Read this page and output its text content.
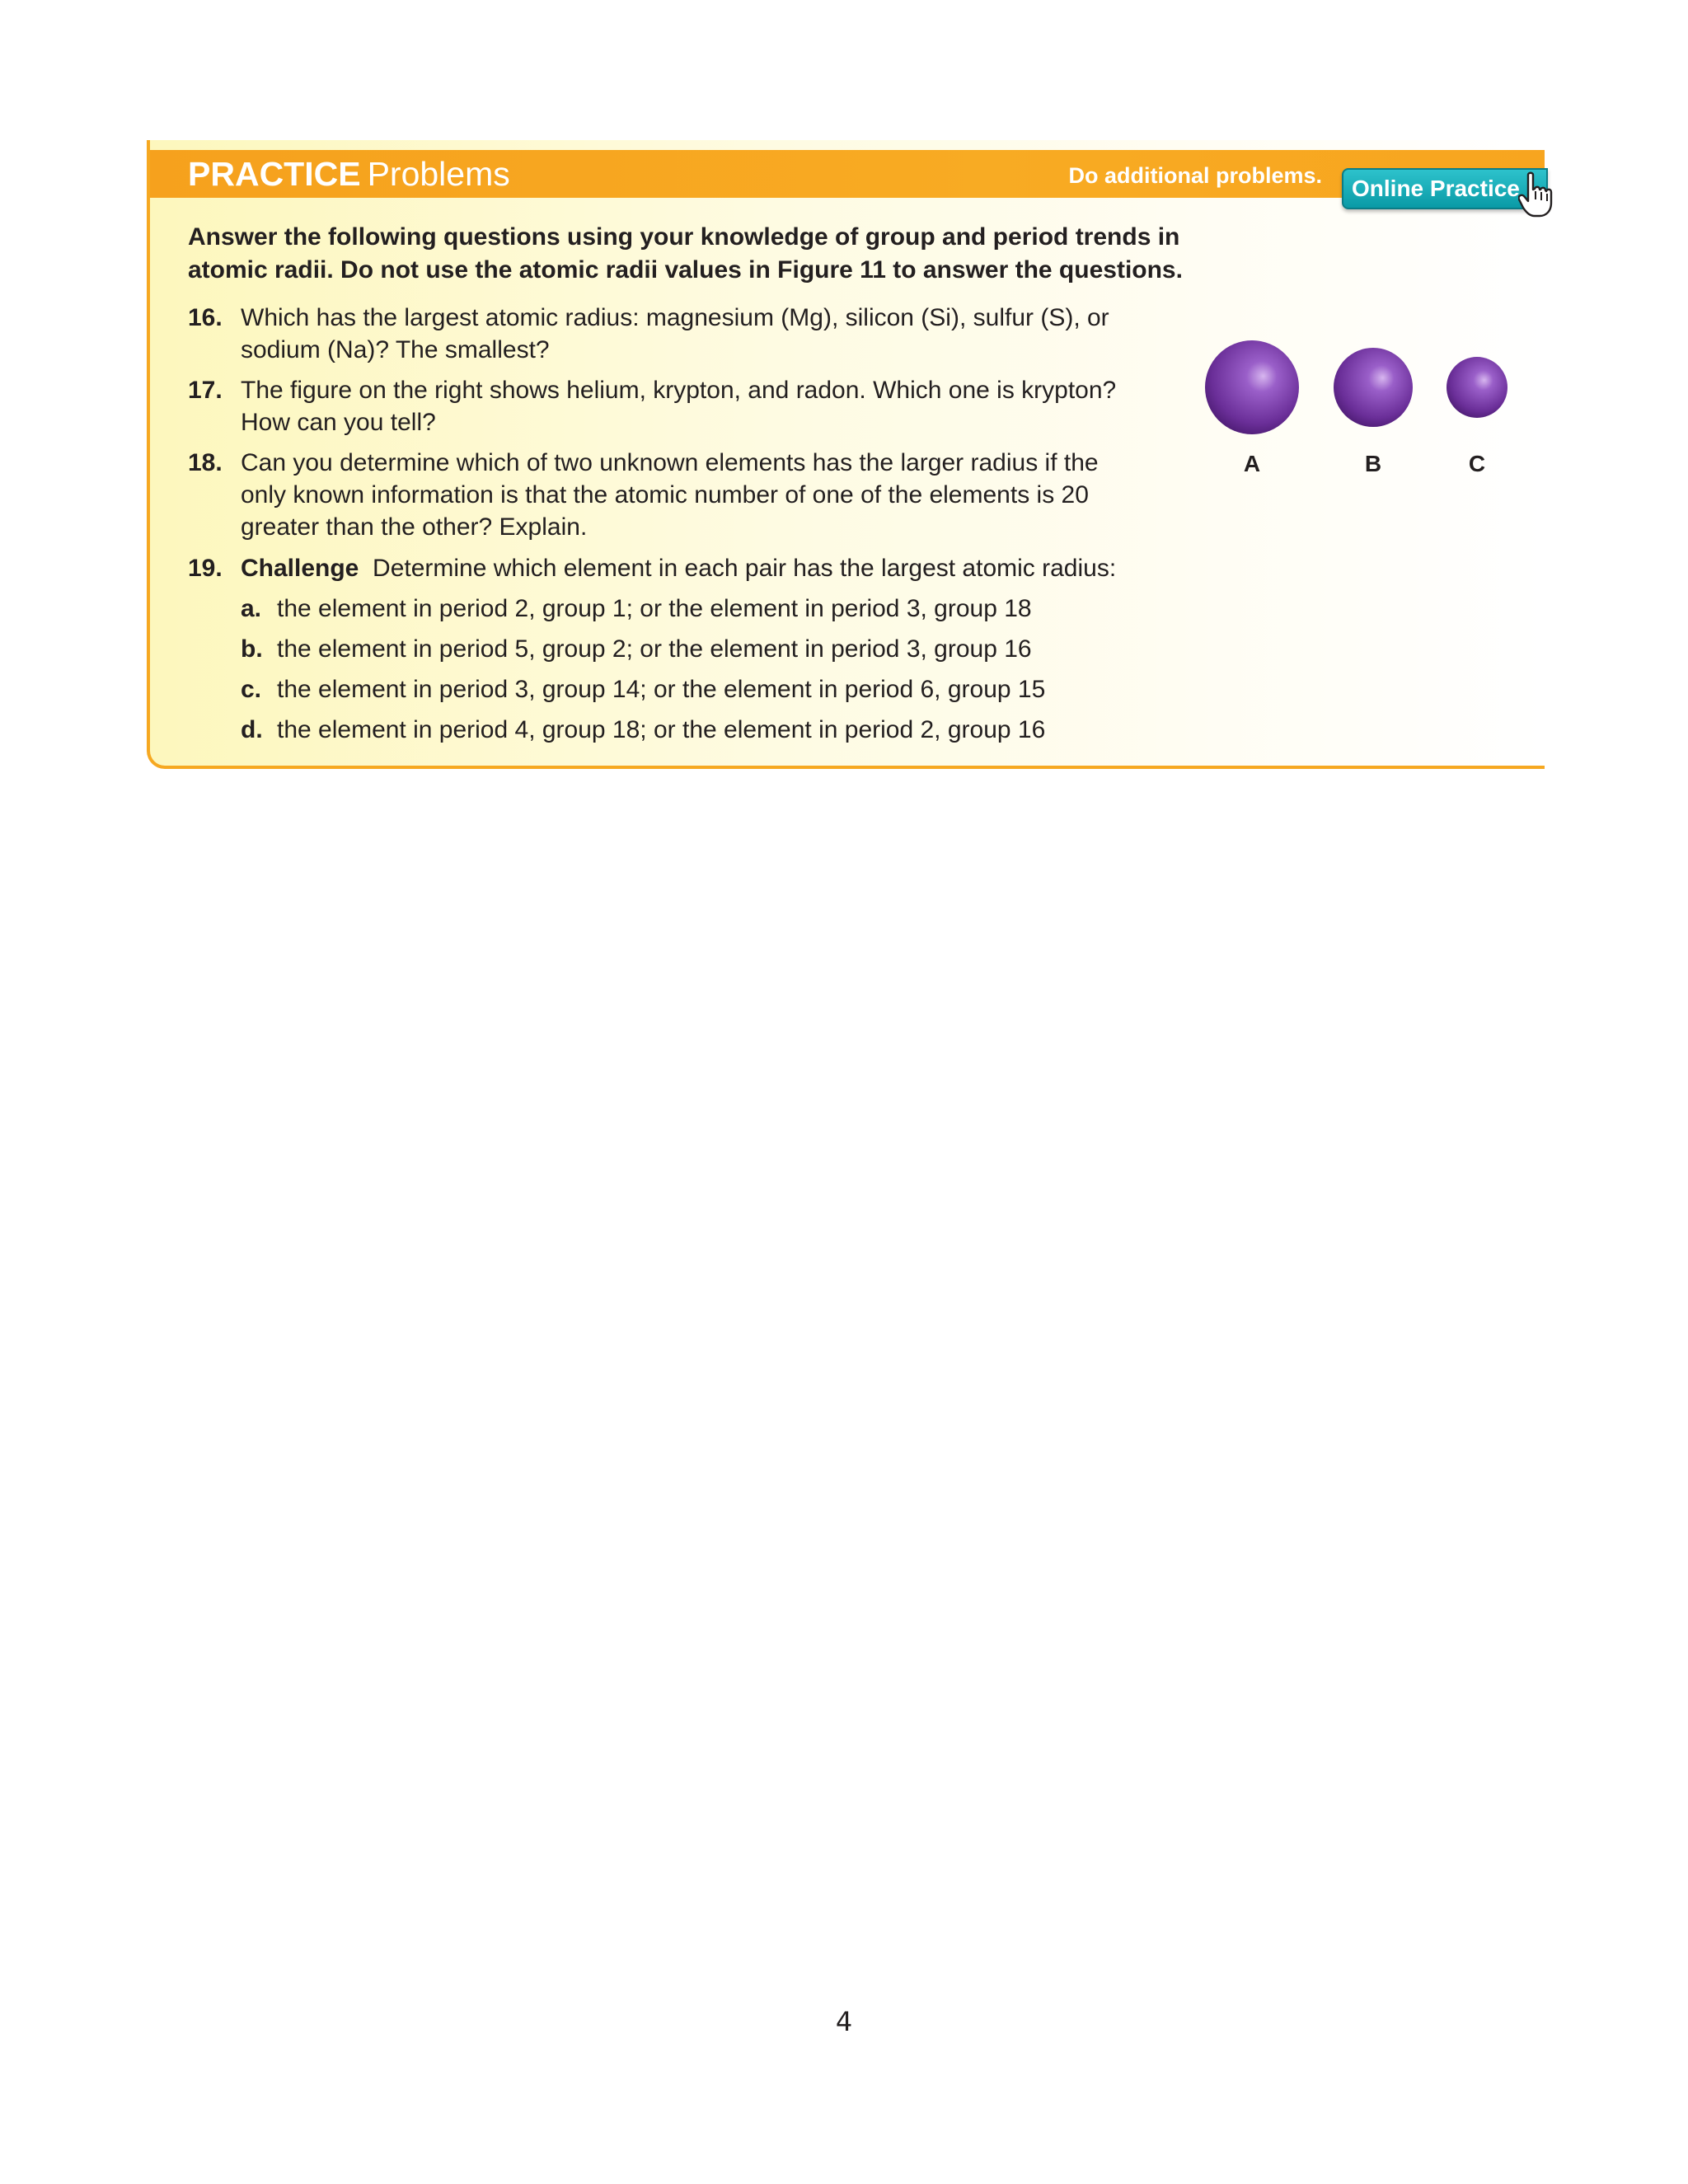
PRACTICE Problems	Do additional problems.	Online Practice
Answer the following questions using your knowledge of group and period trends in atomic radii. Do not use the atomic radii values in Figure 11 to answer the questions.
16. Which has the largest atomic radius: magnesium (Mg), silicon (Si), sulfur (S), or sodium (Na)? The smallest?
17. The figure on the right shows helium, krypton, and radon. Which one is krypton? How can you tell?
18. Can you determine which of two unknown elements has the larger radius if the only known information is that the atomic number of one of the elements is 20 greater than the other? Explain.
19. Challenge Determine which element in each pair has the largest atomic radius:
a. the element in period 2, group 1; or the element in period 3, group 18
b. the element in period 5, group 2; or the element in period 3, group 16
c. the element in period 3, group 14; or the element in period 6, group 15
d. the element in period 4, group 18; or the element in period 2, group 16
A	B	C
4
